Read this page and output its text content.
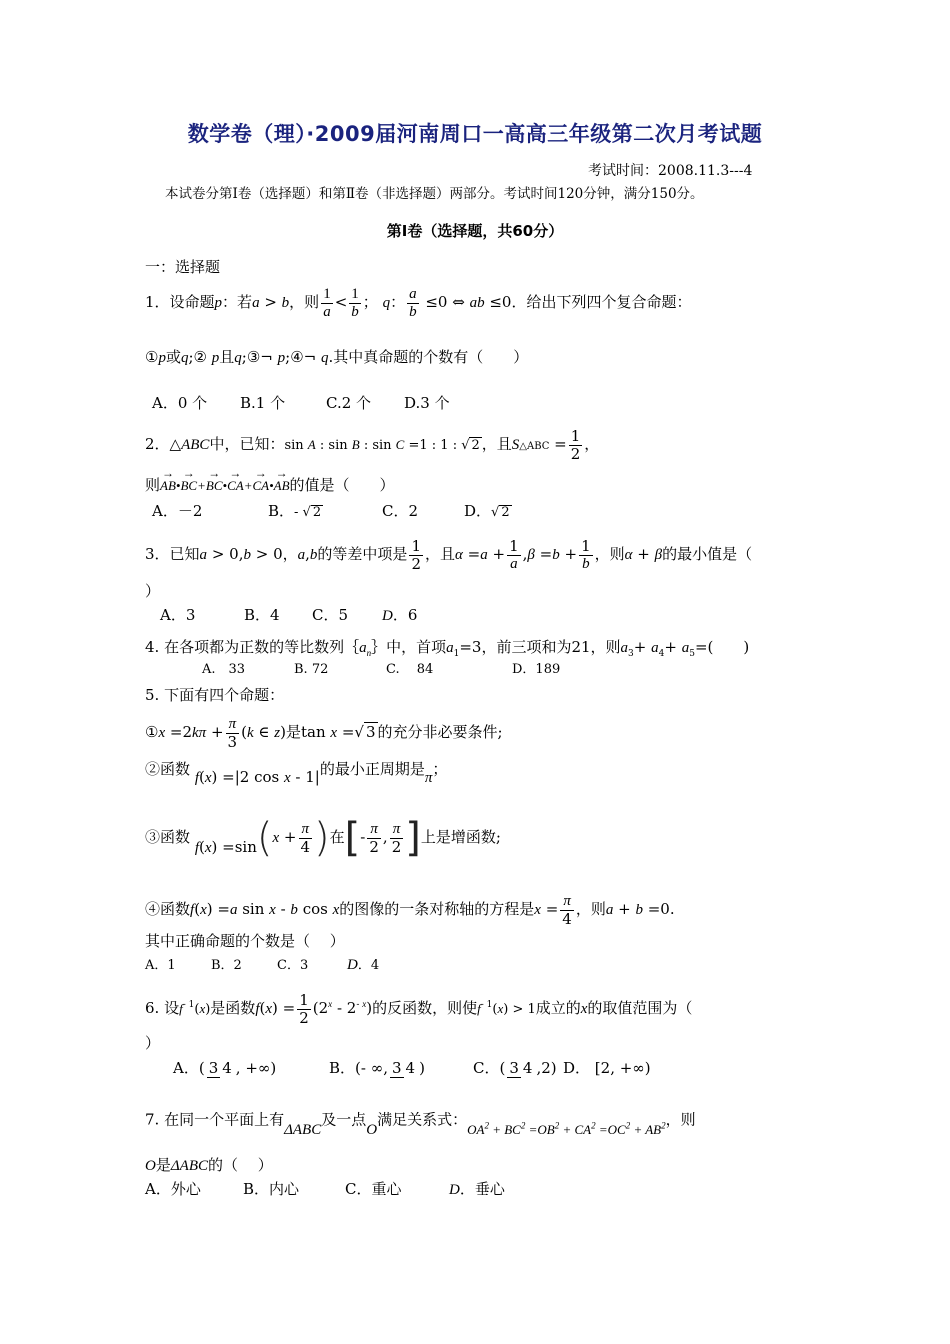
数学卷（理）·2009届河南周口一高高三年级第二次月考试题
考试时间：2008.11.3---4
本试卷分第Ⅰ卷（选择题）和第Ⅱ卷（非选择题）两部分。考试时间120分钟，满分150分。
第Ⅰ卷（选择题，共60分）
一：选择题
1．设命题p：若a > b，则 $\frac{1}{a} < \frac{1}{b}$ ； q： $\frac{a}{b} \le 0$ ⇔ ab ≤0．给出下列四个复合命题：
①p或q;② p且q;③¬ p;④¬ q.其中真命题的个数有（　　）
A．0 个 B.1 个	C.2 个 D.3 个
2．△ABC中，已知：sin A : sin B : sin C =1 : 1 : √ 2 ，且S△ABC = $\frac{1}{2}$ ，
则→ AB•→ BC+→ BC•→ CA+→ CA•→ AB的值是（　　）
A．－2	B．- √ 2	C．2	D．√ 2
3．已知a > 0,b > 0，a,b的等差中项是 $\frac{1}{2}$ ，且$\alpha =a + \frac{1}{a} ,\beta =b + \frac{1}{b}$ ，则α + β的最小值是（
）
A．3	B．4 C．5 D．6
4. 在各项都为正数的等比数列$\{a_n\}$中，首项$a_1=3$，前三项和为21，则$a_3+ a_4+ a_5=$(　　)
A.　33	B. 72	C.　 84	D．189
5. 下面有四个命题：
①x $=2k\pi + \frac{\pi}{3} (k$ ∈ z)是tan x =√ 3 的充分非必要条件;
②函数 f(x) =|2 cos x - 1|的最小正周期是π；
③函数 $f(x) =\sin(x + \frac{\pi}{4}$ )在[- $\frac{\pi}{2}$ , $\frac{\pi}{2}$ ]上是增函数;
④函数f(x) =a sin x - b cos x的图像的一条对称轴的方程是$x = \frac{\pi}{4}$ ，则a + b =0.
其中正确命题的个数是（　 ）
A．1	B．2	C．3	D．4
6. 设$f^{- 1}(x)$是函数$f(x) = \frac{1}{2} (2^x - 2^{- x})$的反函数，则使$f^{- 1}(x) > 1$成立的x的取值范围为（
）
A．( 3 4 , +∞)	B．(- ∞, 3 4 )	C．( 3 4 ,2) D． [2, +∞)
7. 在同一个平面上有ΔABC及一点O满足关系式：$OA^2 + BC^2 =OB^2 + CA^2 =OC^2 + AB^2$，则
O是ΔABC的（　 ）
A．外心	B．内心	C．重心	D．垂心
